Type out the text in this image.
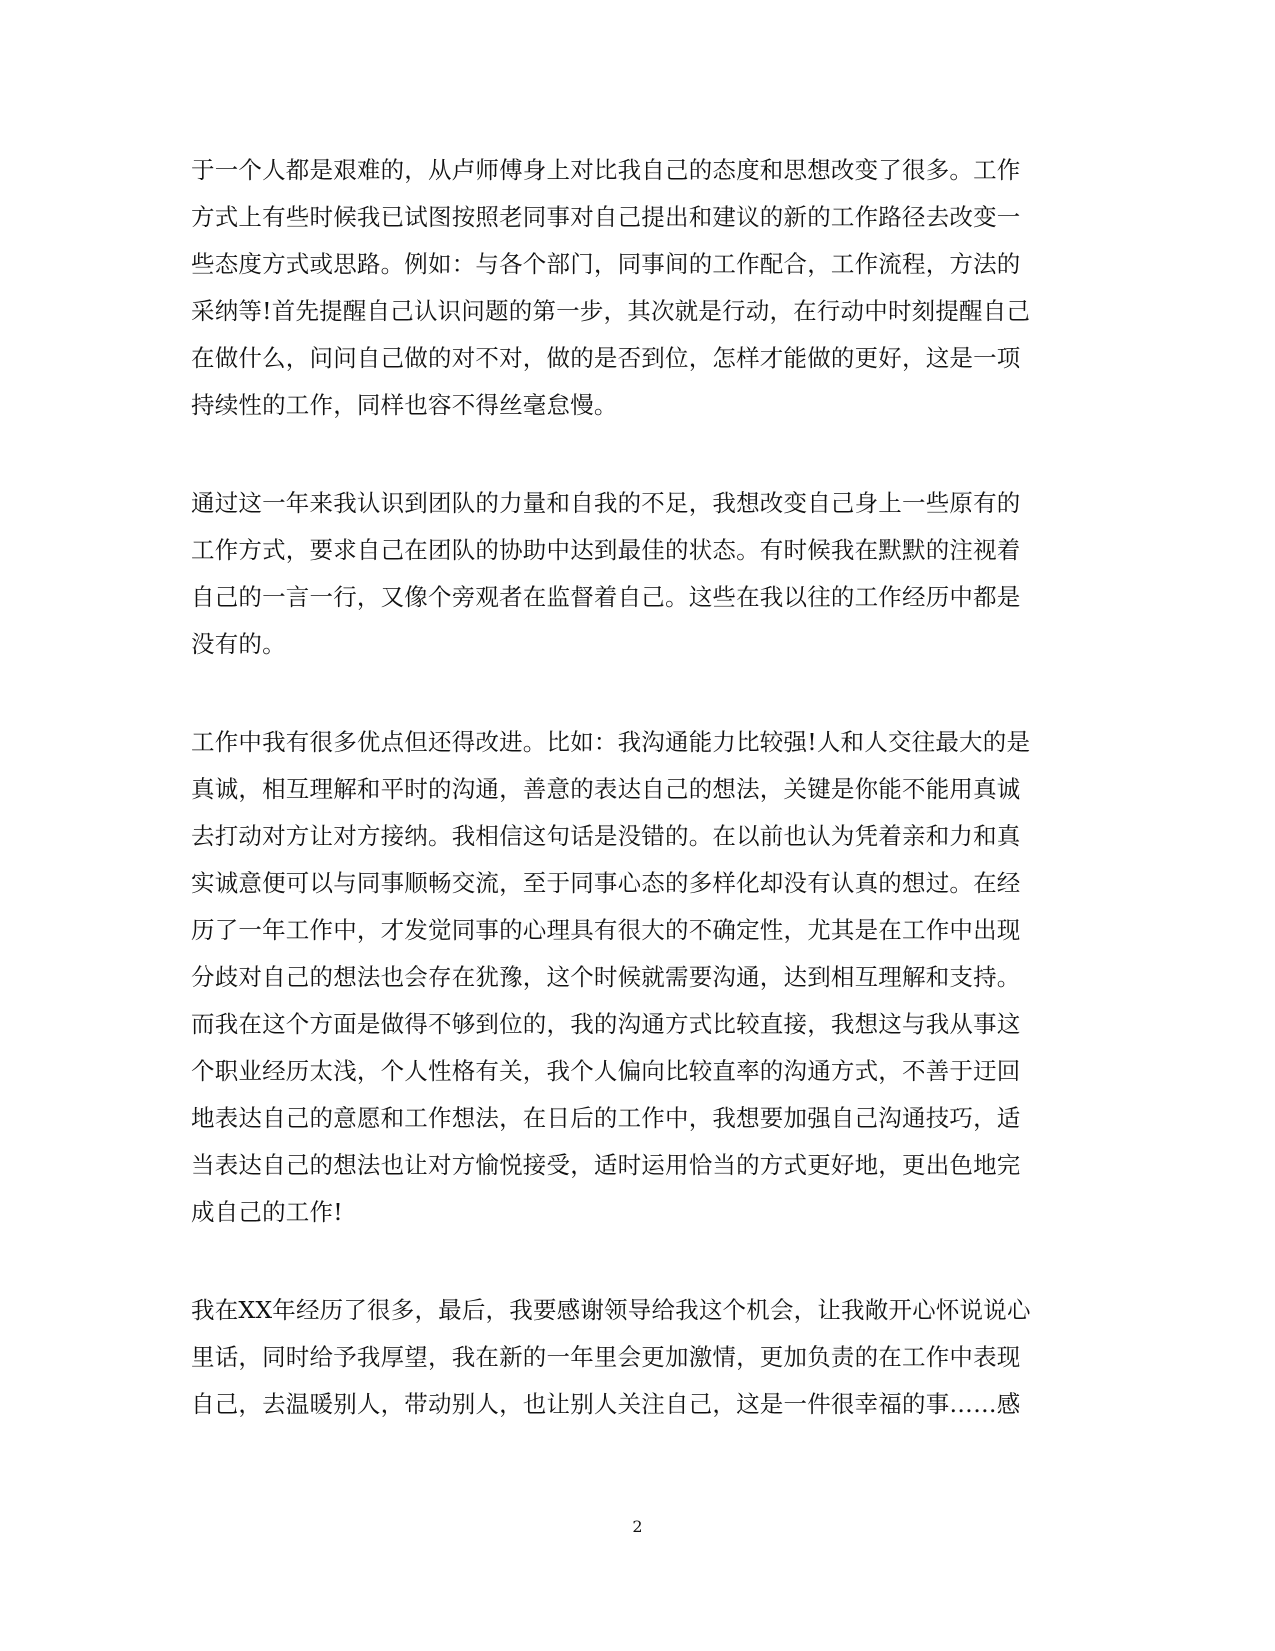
于一个人都是艰难的，从卢师傅身上对比我自己的态度和思想改变了很多。工作
方式上有些时候我已试图按照老同事对自己提出和建议的新的工作路径去改变一
些态度方式或思路。例如：与各个部门，同事间的工作配合，工作流程，方法的
采纳等!首先提醒自己认识问题的第一步，其次就是行动，在行动中时刻提醒自己
在做什么，问问自己做的对不对，做的是否到位，怎样才能做的更好，这是一项
持续性的工作，同样也容不得丝毫怠慢。
通过这一年来我认识到团队的力量和自我的不足，我想改变自己身上一些原有的
工作方式，要求自己在团队的协助中达到最佳的状态。有时候我在默默的注视着
自己的一言一行，又像个旁观者在监督着自己。这些在我以往的工作经历中都是
没有的。
工作中我有很多优点但还得改进。比如：我沟通能力比较强!人和人交往最大的是
真诚，相互理解和平时的沟通，善意的表达自己的想法，关键是你能不能用真诚
去打动对方让对方接纳。我相信这句话是没错的。在以前也认为凭着亲和力和真
实诚意便可以与同事顺畅交流，至于同事心态的多样化却没有认真的想过。在经
历了一年工作中，才发觉同事的心理具有很大的不确定性，尤其是在工作中出现
分歧对自己的想法也会存在犹豫，这个时候就需要沟通，达到相互理解和支持。
而我在这个方面是做得不够到位的，我的沟通方式比较直接，我想这与我从事这
个职业经历太浅，个人性格有关，我个人偏向比较直率的沟通方式，不善于迂回
地表达自己的意愿和工作想法，在日后的工作中，我想要加强自己沟通技巧，适
当表达自己的想法也让对方愉悦接受，适时运用恰当的方式更好地，更出色地完
成自己的工作!
我在XX年经历了很多，最后，我要感谢领导给我这个机会，让我敞开心怀说说心
里话，同时给予我厚望，我在新的一年里会更加激情，更加负责的在工作中表现
自己，去温暖别人，带动别人，也让别人关注自己，这是一件很幸福的事……感
2
